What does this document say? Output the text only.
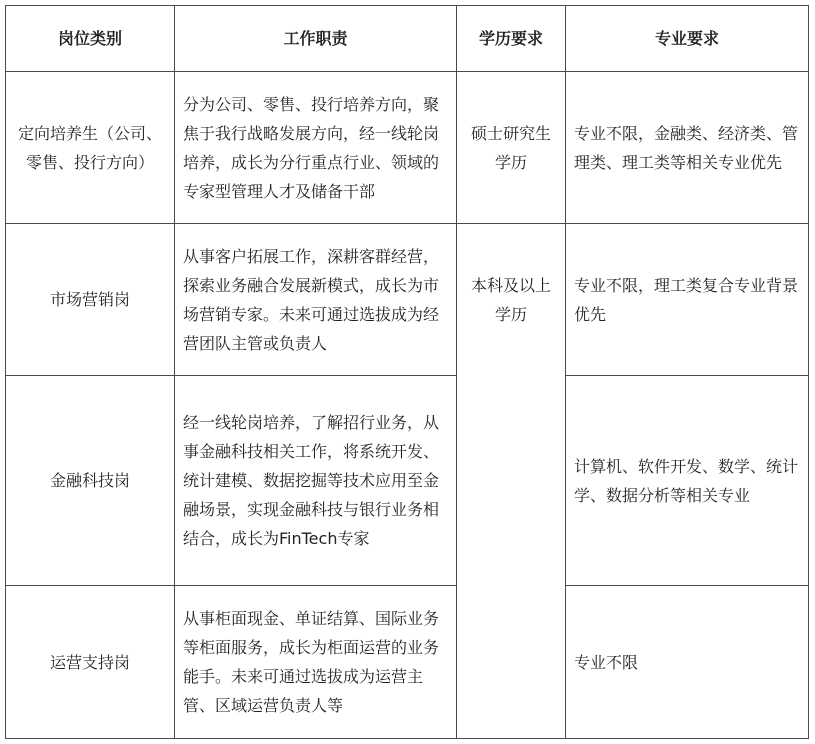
岗位类别	工作职责	学历要求	专业要求
定向培养生（公司、零售、投行方向）	分为公司、零售、投行培养方向，聚焦于我行战略发展方向，经一线轮岗培养，成长为分行重点行业、领域的专家型管理人才及储备干部	硕士研究生学历	专业不限，金融类、经济类、管理类、理工类等相关专业优先
市场营销岗	从事客户拓展工作，深耕客群经营，探索业务融合发展新模式，成长为市场营销专家。未来可通过选拔成为经营团队主管或负责人	本科及以上学历	专业不限，理工类复合专业背景优先
金融科技岗	经一线轮岗培养，了解招行业务，从事金融科技相关工作，将系统开发、统计建模、数据挖掘等技术应用至金融场景，实现金融科技与银行业务相结合，成长为FinTech专家		计算机、软件开发、数学、统计学、数据分析等相关专业
运营支持岗	从事柜面现金、单证结算、国际业务等柜面服务，成长为柜面运营的业务能手。未来可通过选拔成为运营主管、区域运营负责人等		专业不限
